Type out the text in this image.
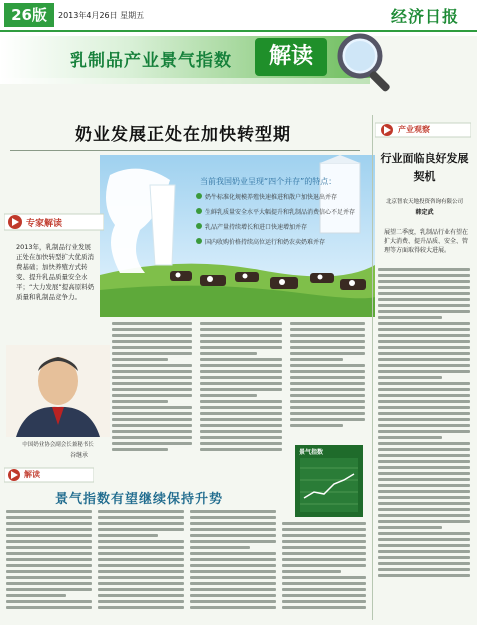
26版	2013年4月26日 星期五	经济日报
乳制品产业景气指数	解读
奶业发展正处在加快转型期
当前我国奶业呈现“四个并存”的特点：
奶牛标准化规模养殖快速推进和散户加快退出并存
生鲜乳质量安全水平大幅提升和乳制品消费信心不足并存
乳品产量持续增长和进口快速增加并存
国内收购价格持续高位运行和奶农卖奶难并存
专家解读
2013年，乳制品行业发展正处在加快转型扩大优质消费基础；加快养殖方式转变、提升乳品质量安全水平；“大力发展”提高原料奶质量和乳制品竞争力。
中国奶业协会副会长兼秘书长
谷继承	景气指数
解读
景气指数有望继续保持升势
产业观察
行业面临良好发展契机
北京智农天地投资咨询有限公司
韩定武
展望二季度，乳制品行业有望在扩大消费、提升品质、安全、管理等方面取得较大进展。
